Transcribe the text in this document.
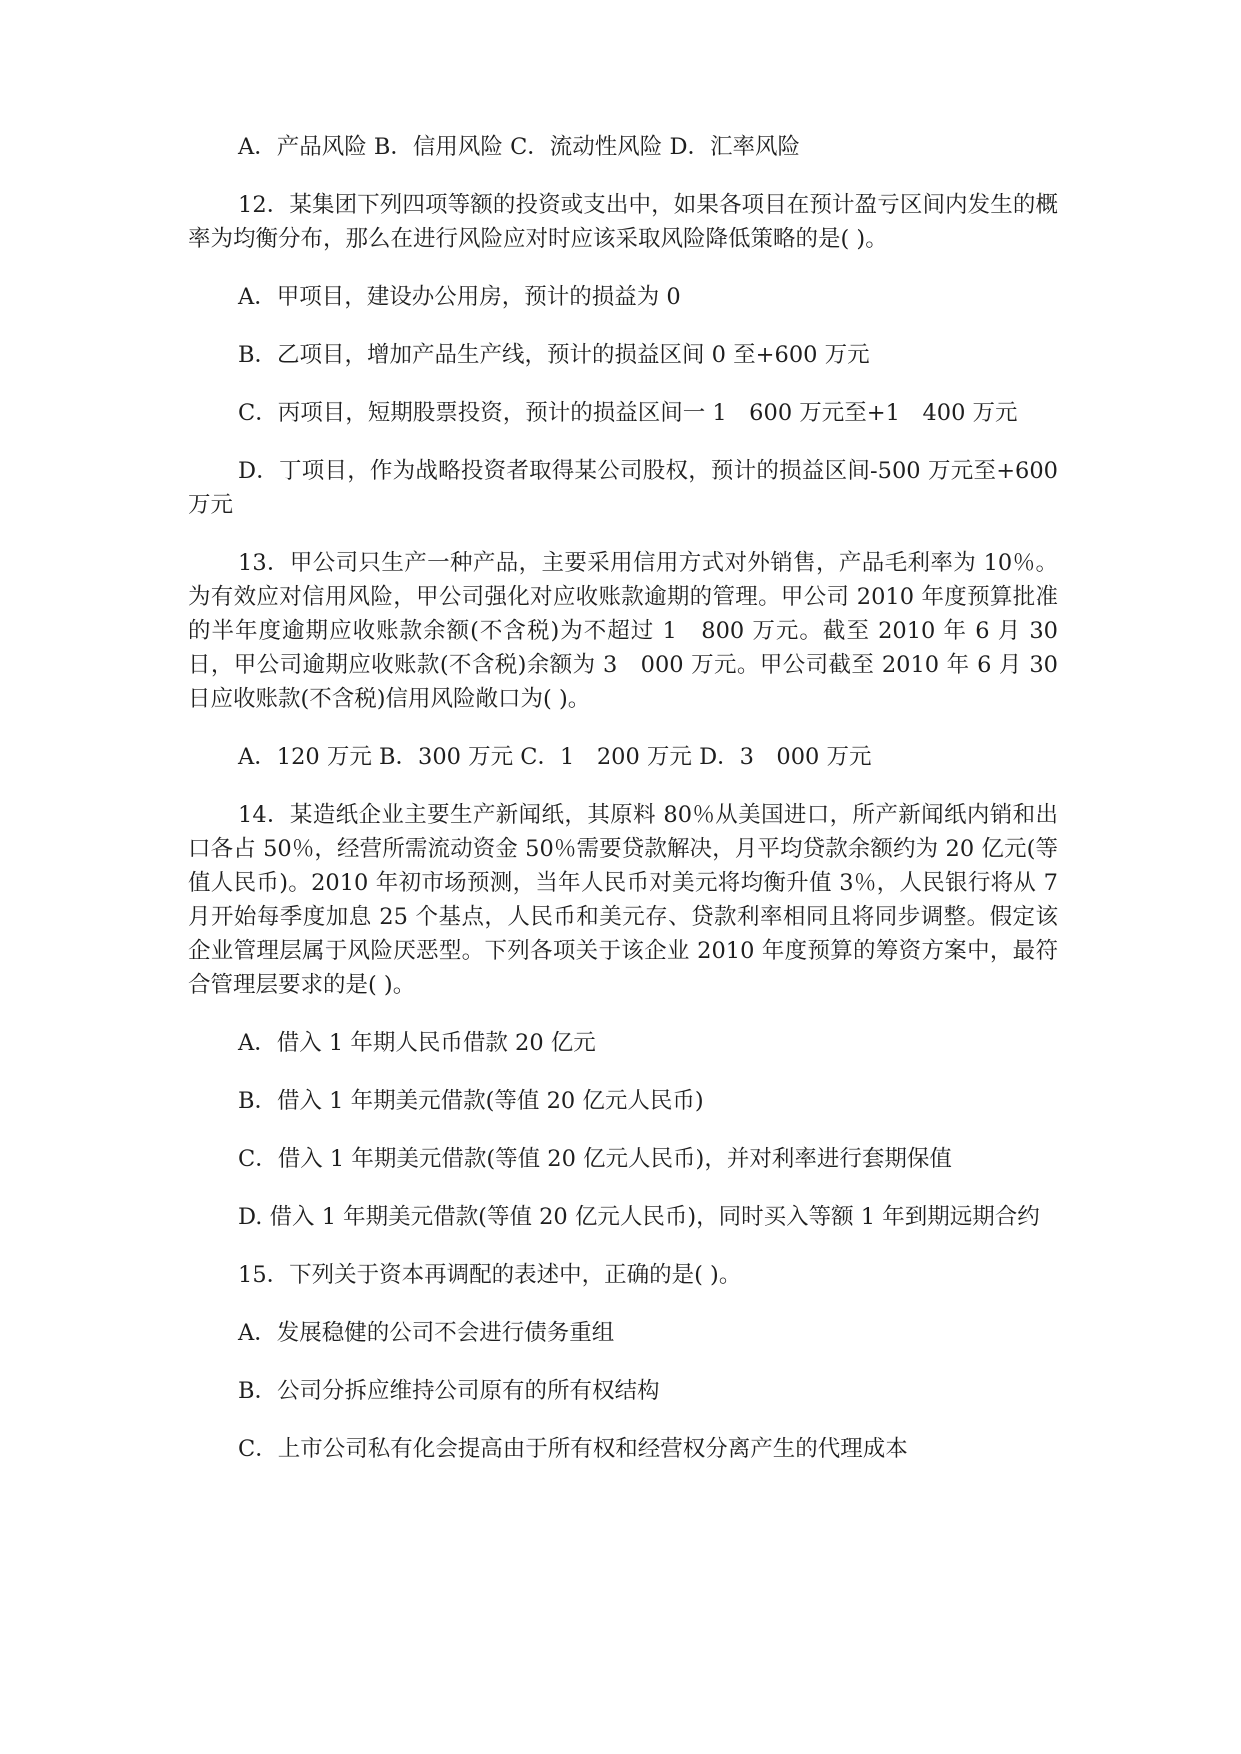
A．产品风险 B．信用风险 C．流动性风险 D．汇率风险

12．某集团下列四项等额的投资或支出中，如果各项目在预计盈亏区间内发生的概率为均衡分布，那么在进行风险应对时应该采取风险降低策略的是( )。

A．甲项目，建设办公用房，预计的损益为 0

B．乙项目，增加产品生产线，预计的损益区间 0 至+600 万元

C．丙项目，短期股票投资，预计的损益区间一 1　600 万元至+1　400 万元

D．丁项目，作为战略投资者取得某公司股权，预计的损益区间-500 万元至+600 万元

13．甲公司只生产一种产品，主要采用信用方式对外销售，产品毛利率为 10％。为有效应对信用风险，甲公司强化对应收账款逾期的管理。甲公司 2010 年度预算批准的半年度逾期应收账款余额(不含税)为不超过 1　800 万元。截至 2010 年 6 月 30 日，甲公司逾期应收账款(不含税)余额为 3　000 万元。甲公司截至 2010 年 6 月 30 日应收账款(不含税)信用风险敞口为( )。

A．120 万元 B．300 万元 C．1　200 万元 D．3　000 万元

14．某造纸企业主要生产新闻纸，其原料 80％从美国进口，所产新闻纸内销和出口各占 50％，经营所需流动资金 50％需要贷款解决，月平均贷款余额约为 20 亿元(等值人民币)。2010 年初市场预测，当年人民币对美元将均衡升值 3％，人民银行将从 7 月开始每季度加息 25 个基点，人民币和美元存、贷款利率相同且将同步调整。假定该企业管理层属于风险厌恶型。下列各项关于该企业 2010 年度预算的筹资方案中，最符合管理层要求的是( )。

A．借入 1 年期人民币借款 20 亿元

B．借入 1 年期美元借款(等值 20 亿元人民币)

C．借入 1 年期美元借款(等值 20 亿元人民币)，并对利率进行套期保值

D. 借入 1 年期美元借款(等值 20 亿元人民币)，同时买入等额 1 年到期远期合约

15．下列关于资本再调配的表述中，正确的是( )。

A．发展稳健的公司不会进行债务重组

B．公司分拆应维持公司原有的所有权结构

C．上市公司私有化会提高由于所有权和经营权分离产生的代理成本
